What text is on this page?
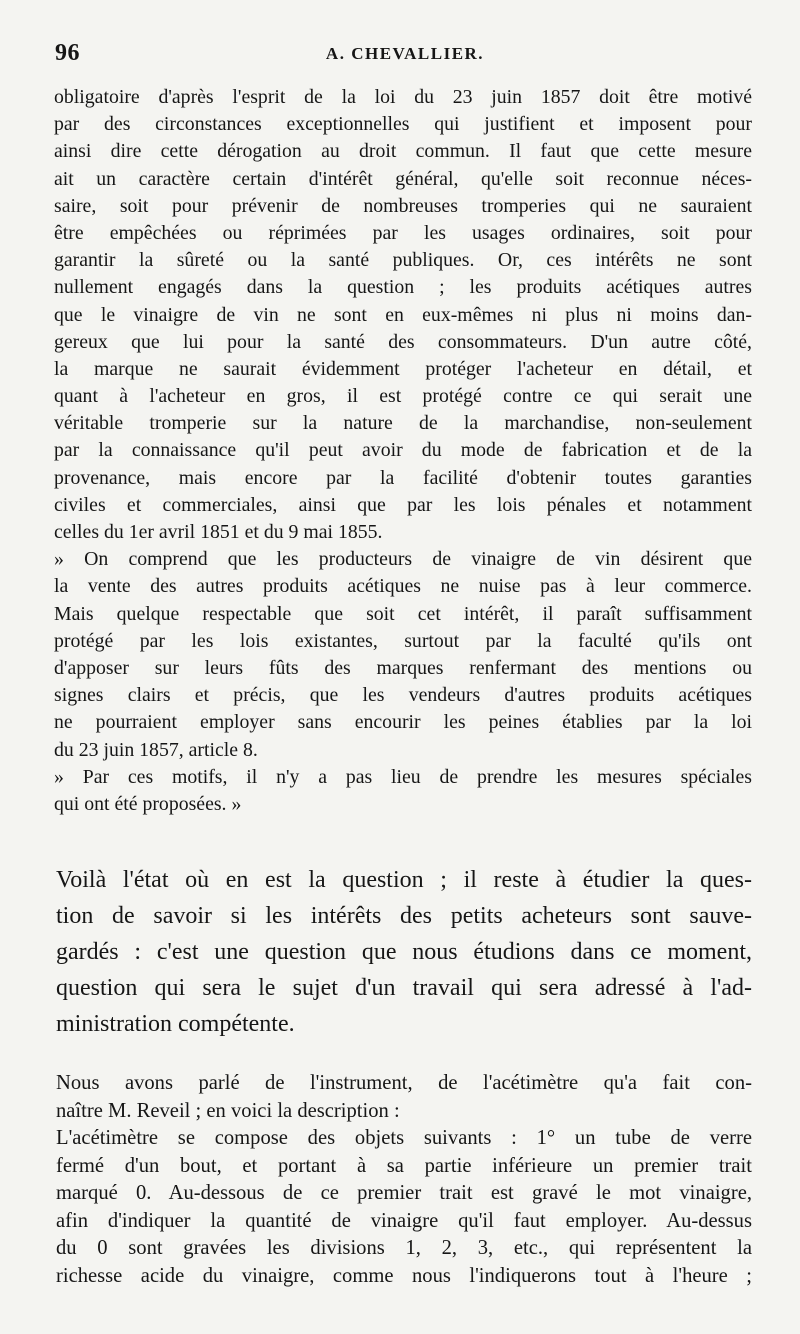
96	A. CHEVALLIER.
obligatoire d'après l'esprit de la loi du 23 juin 1857 doit être motivé
par des circonstances exceptionnelles qui justifient et imposent pour
ainsi dire cette dérogation au droit commun. Il faut que cette mesure
ait un caractère certain d'intérêt général, qu'elle soit reconnue néces-
saire, soit pour prévenir de nombreuses tromperies qui ne sauraient
être empêchées ou réprimées par les usages ordinaires, soit pour
garantir la sûreté ou la santé publiques. Or, ces intérêts ne sont
nullement engagés dans la question ; les produits acétiques autres
que le vinaigre de vin ne sont en eux-mêmes ni plus ni moins dan-
gereux que lui pour la santé des consommateurs. D'un autre côté,
la marque ne saurait évidemment protéger l'acheteur en détail, et
quant à l'acheteur en gros, il est protégé contre ce qui serait une
véritable tromperie sur la nature de la marchandise, non-seulement
par la connaissance qu'il peut avoir du mode de fabrication et de la
provenance, mais encore par la facilité d'obtenir toutes garanties
civiles et commerciales, ainsi que par les lois pénales et notamment
celles du 1er avril 1851 et du 9 mai 1855.
» On comprend que les producteurs de vinaigre de vin désirent que
la vente des autres produits acétiques ne nuise pas à leur commerce.
Mais quelque respectable que soit cet intérêt, il paraît suffisamment
protégé par les lois existantes, surtout par la faculté qu'ils ont
d'apposer sur leurs fûts des marques renfermant des mentions ou
signes clairs et précis, que les vendeurs d'autres produits acétiques
ne pourraient employer sans encourir les peines établies par la loi
du 23 juin 1857, article 8.
» Par ces motifs, il n'y a pas lieu de prendre les mesures spéciales
qui ont été proposées. »
Voilà l'état où en est la question ; il reste à étudier la ques-
tion de savoir si les intérêts des petits acheteurs sont sauve-
gardés : c'est une question que nous étudions dans ce moment,
question qui sera le sujet d'un travail qui sera adressé à l'ad-
ministration compétente.
Nous avons parlé de l'instrument, de l'acétimètre qu'a fait con-
naître M. Reveil ; en voici la description :
L'acétimètre se compose des objets suivants : 1° un tube de verre
fermé d'un bout, et portant à sa partie inférieure un premier trait
marqué 0. Au-dessous de ce premier trait est gravé le mot vinaigre,
afin d'indiquer la quantité de vinaigre qu'il faut employer. Au-dessus
du 0 sont gravées les divisions 1, 2, 3, etc., qui représentent la
richesse acide du vinaigre, comme nous l'indiquerons tout à l'heure ;
